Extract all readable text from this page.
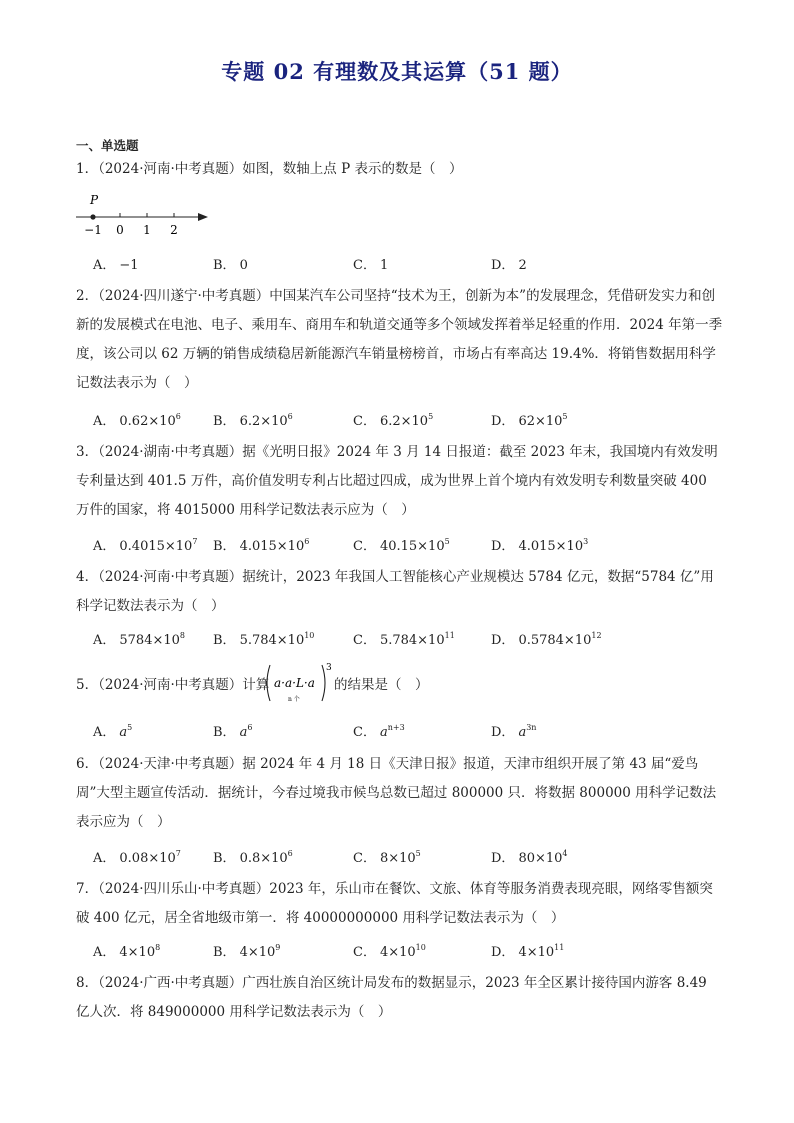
专题 02 有理数及其运算（51 题）
一、单选题
1．（2024·河南·中考真题）如图，数轴上点 P 表示的数是（　）
P
−1 0 1 2
A． −1	B． 0	C． 1	D． 2
2．（2024·四川遂宁·中考真题）中国某汽车公司坚持“技术为王，创新为本”的发展理念，凭借研发实力和创新的发展模式在电池、电子、乘用车、商用车和轨道交通等多个领域发挥着举足轻重的作用．2024 年第一季度，该公司以 62 万辆的销售成绩稳居新能源汽车销量榜榜首，市场占有率高达 19.4%．将销售数据用科学记数法表示为（　）
A． $0.62\times 10^6$ B． $6.2\times 10^6$	C． $6.2\times 10^5$	D． $62\times 10^5$
3．（2024·湖南·中考真题）据《光明日报》2024 年 3 月 14 日报道：截至 2023 年末，我国境内有效发明专利量达到 401.5 万件，高价值发明专利占比超过四成，成为世界上首个境内有效发明专利数量突破 400 万件的国家，将 4015000 用科学记数法表示应为（　）
A． $0.4015\times 10^7$ B． $4.015\times 10^6$	C． $40.15\times 10^5$	D． $4.015\times 10^3$
4．（2024·河南·中考真题）据统计，2023 年我国人工智能核心产业规模达 5784 亿元，数据“5784 亿”用科学记数法表示为（　）
A． $5784\times 10^8$ B． $5.784\times 10^{10}$	C． $5.784\times 10^{11}$	D． $0.5784\times 10^{12}$
5．（2024·河南·中考真题）计算 a·a·L·a
n 个
3
的结果是（　）
A． $a^5$	B． $a^6$	C． $a^{n+3}$	D． $a^{3n}$
6．（2024·天津·中考真题）据 2024 年 4 月 18 日《天津日报》报道，天津市组织开展了第 43 届“爱鸟周”大型主题宣传活动．据统计，今春过境我市候鸟总数已超过 800000 只．将数据 800000 用科学记数法表示应为（　）
A． $0.08\times 10^7$ B． $0.8\times 10^6$	C． $8\times 10^5$	D． $80\times 10^4$
7．（2024·四川乐山·中考真题）2023 年，乐山市在餐饮、文旅、体育等服务消费表现亮眼，网络零售额突破 400 亿元，居全省地级市第一．将 40000000000 用科学记数法表示为（　）
A． $4\times 10^8$	B． $4\times 10^9$	C． $4\times 10^{10}$	D． $4\times 10^{11}$
8．（2024·广西·中考真题）广西壮族自治区统计局发布的数据显示，2023 年全区累计接待国内游客 8.49 亿人次．将 849000000 用科学记数法表示为（　）
